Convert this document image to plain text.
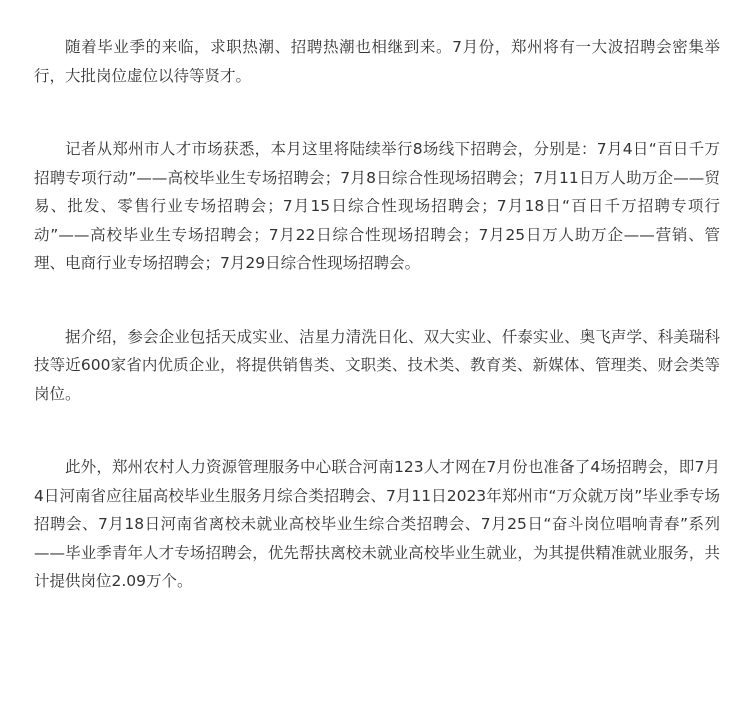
随着毕业季的来临，求职热潮、招聘热潮也相继到来。7月份，郑州将有一大波招聘会密集举行，大批岗位虚位以待等贤才。

记者从郑州市人才市场获悉，本月这里将陆续举行8场线下招聘会，分别是：7月4日“百日千万招聘专项行动”——高校毕业生专场招聘会；7月8日综合性现场招聘会；7月11日万人助万企——贸易、批发、零售行业专场招聘会；7月15日综合性现场招聘会；7月18日“百日千万招聘专项行动”——高校毕业生专场招聘会；7月22日综合性现场招聘会；7月25日万人助万企——营销、管理、电商行业专场招聘会；7月29日综合性现场招聘会。

据介绍，参会企业包括天成实业、洁星力清洗日化、双大实业、仟泰实业、奥飞声学、科美瑞科技等近600家省内优质企业，将提供销售类、文职类、技术类、教育类、新媒体、管理类、财会类等岗位。

此外，郑州农村人力资源管理服务中心联合河南123人才网在7月份也准备了4场招聘会，即7月4日河南省应往届高校毕业生服务月综合类招聘会、7月11日2023年郑州市“万众就万岗”毕业季专场招聘会、7月18日河南省离校未就业高校毕业生综合类招聘会、7月25日“奋斗岗位唱响青春”系列——毕业季青年人才专场招聘会，优先帮扶离校未就业高校毕业生就业，为其提供精准就业服务，共计提供岗位2.09万个。
